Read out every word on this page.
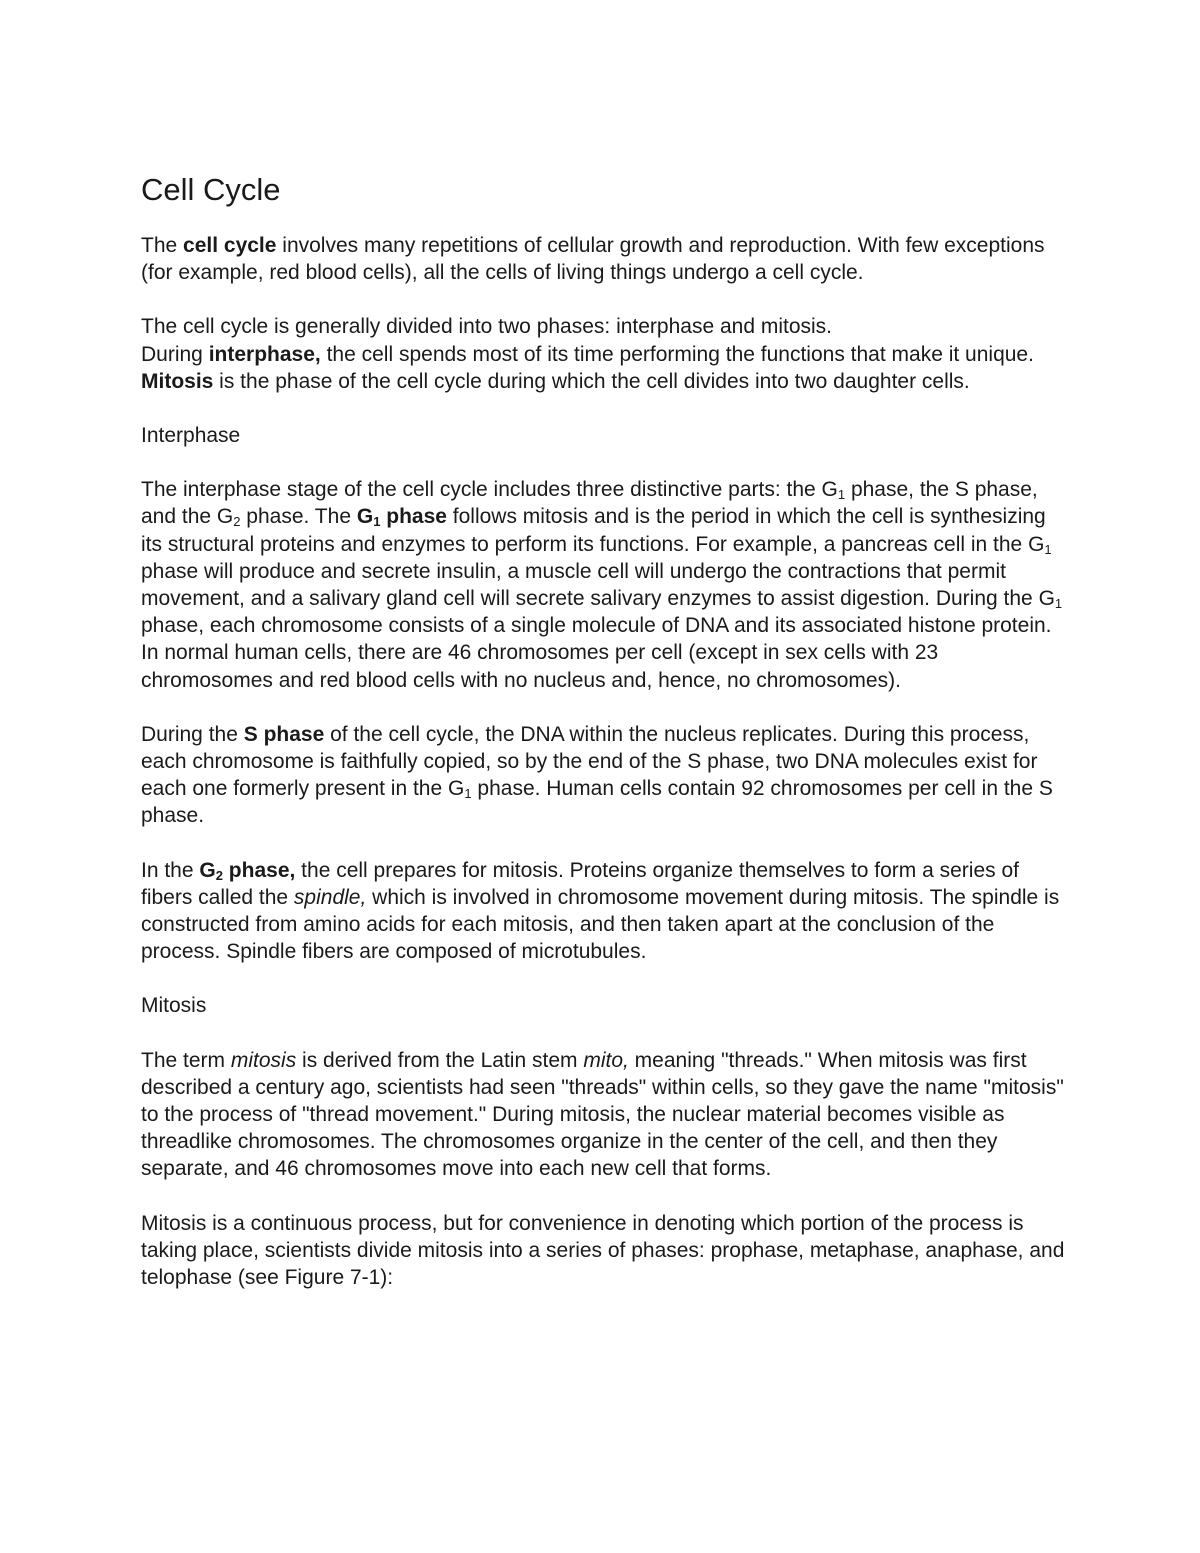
Cell Cycle

The cell cycle involves many repetitions of cellular growth and reproduction. With few exceptions (for example, red blood cells), all the cells of living things undergo a cell cycle.

The cell cycle is generally divided into two phases: interphase and mitosis.

During interphase, the cell spends most of its time performing the functions that make it unique. Mitosis is the phase of the cell cycle during which the cell divides into two daughter cells.

Interphase

The interphase stage of the cell cycle includes three distinctive parts: the $G_1$ phase, the S phase, and the $G_2$ phase. The $G_1$ phase follows mitosis and is the period in which the cell is synthesizing its structural proteins and enzymes to perform its functions. For example, a pancreas cell in the $G_1$ phase will produce and secrete insulin, a muscle cell will undergo the contractions that permit movement, and a salivary gland cell will secrete salivary enzymes to assist digestion. During the $G_1$ phase, each chromosome consists of a single molecule of DNA and its associated histone protein. In normal human cells, there are 46 chromosomes per cell (except in sex cells with 23 chromosomes and red blood cells with no nucleus and, hence, no chromosomes).

During the S phase of the cell cycle, the DNA within the nucleus replicates. During this process, each chromosome is faithfully copied, so by the end of the S phase, two DNA molecules exist for each one formerly present in the $G_1$ phase. Human cells contain 92 chromosomes per cell in the S phase.

In the $G_2$ phase, the cell prepares for mitosis. Proteins organize themselves to form a series of fibers called the spindle, which is involved in chromosome movement during mitosis. The spindle is constructed from amino acids for each mitosis, and then taken apart at the conclusion of the process. Spindle fibers are composed of microtubules.

Mitosis

The term mitosis is derived from the Latin stem mito, meaning "threads." When mitosis was first described a century ago, scientists had seen "threads" within cells, so they gave the name "mitosis" to the process of "thread movement." During mitosis, the nuclear material becomes visible as threadlike chromosomes. The chromosomes organize in the center of the cell, and then they separate, and 46 chromosomes move into each new cell that forms.

Mitosis is a continuous process, but for convenience in denoting which portion of the process is taking place, scientists divide mitosis into a series of phases: prophase, metaphase, anaphase, and telophase (see Figure 7-1):
